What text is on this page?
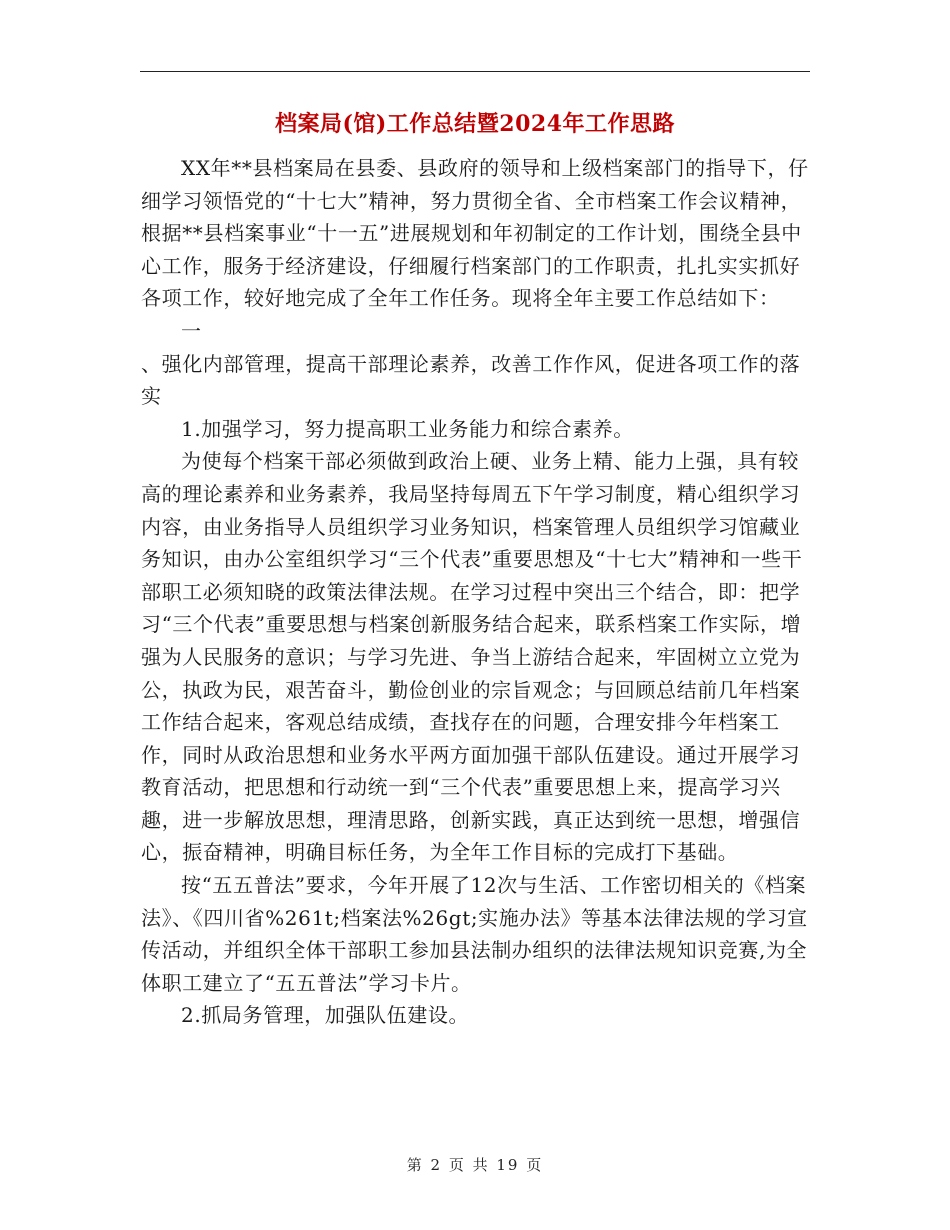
档案局(馆)工作总结暨2024年工作思路

XX年**县档案局在县委、县政府的领导和上级档案部门的指导下，仔细学习领悟党的“十七大”精神，努力贯彻全省、全市档案工作会议精神，根据**县档案事业“十一五”进展规划和年初制定的工作计划，围绕全县中心工作，服务于经济建设，仔细履行档案部门的工作职责，扎扎实实抓好各项工作，较好地完成了全年工作任务。现将全年主要工作总结如下：

一

、强化内部管理，提高干部理论素养，改善工作作风，促进各项工作的落实

1.加强学习，努力提高职工业务能力和综合素养。

为使每个档案干部必须做到政治上硬、业务上精、能力上强，具有较高的理论素养和业务素养，我局坚持每周五下午学习制度，精心组织学习内容，由业务指导人员组织学习业务知识，档案管理人员组织学习馆藏业务知识，由办公室组织学习“三个代表”重要思想及“十七大”精神和一些干部职工必须知晓的政策法律法规。在学习过程中突出三个结合，即：把学习“三个代表”重要思想与档案创新服务结合起来，联系档案工作实际，增强为人民服务的意识；与学习先进、争当上游结合起来，牢固树立立党为公，执政为民，艰苦奋斗，勤俭创业的宗旨观念；与回顾总结前几年档案工作结合起来，客观总结成绩，查找存在的问题，合理安排今年档案工作，同时从政治思想和业务水平两方面加强干部队伍建设。通过开展学习教育活动，把思想和行动统一到“三个代表”重要思想上来，提高学习兴趣，进一步解放思想，理清思路，创新实践，真正达到统一思想，增强信心，振奋精神，明确目标任务，为全年工作目标的完成打下基础。

按“五五普法”要求，今年开展了12次与生活、工作密切相关的《档案法》、《四川省%261t;档案法%26gt;实施办法》等基本法律法规的学习宣传活动，并组织全体干部职工参加县法制办组织的法律法规知识竞赛,为全体职工建立了“五五普法”学习卡片。

2.抓局务管理，加强队伍建设。

第 2 页 共 19 页
